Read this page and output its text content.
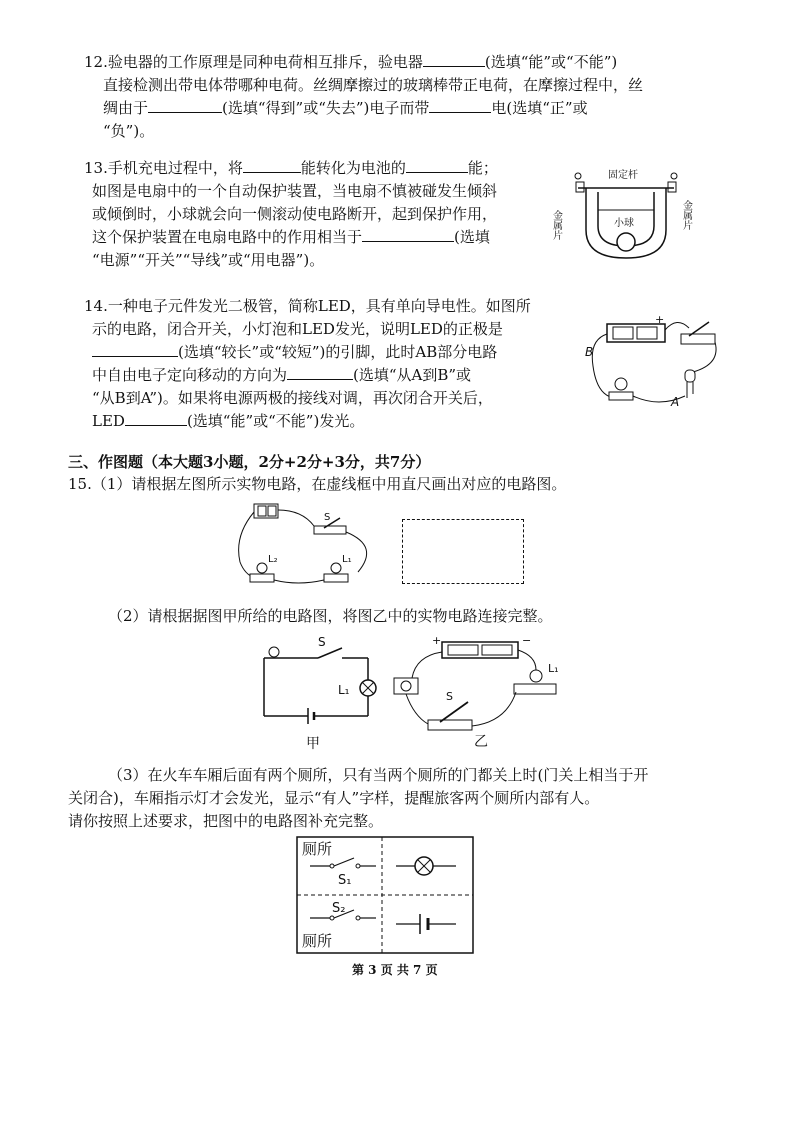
12.验电器的工作原理是同种电荷相互排斥，验电器	(选填“能”或“不能”)
直接检测出带电体带哪种电荷。丝绸摩擦过的玻璃棒带正电荷，在摩擦过程中，丝
绸由于	(选填“得到”或“失去”)电子而带	电(选填“正”或
“负”)。
13.手机充电过程中，将	能转化为电池的	能；
如图是电扇中的一个自动保护装置，当电扇不慎被碰发生倾斜
或倾倒时，小球就会向一侧滚动使电路断开，起到保护作用，
这个保护装置在电扇电路中的作用相当于	(选填
“电源”“开关”“导线”或“用电器”)。
固定杆
小球
金属片	金属片
14.一种电子元件发光二极管，简称LED，具有单向导电性。如图所
示的电路，闭合开关，小灯泡和LED发光，说明LED的正极是
(选填“较长”或“较短”)的引脚，此时AB部分电路
中自由电子定向移动的方向为	(选填“从A到B”或
“从B到A”)。如果将电源两极的接线对调，再次闭合开关后，
LED	(选填“能”或“不能”)发光。
+
B
A
三、作图题（本大题3小题，2分+2分+3分，共7分）
15.（1）请根据左图所示实物电路，在虚线框中用直尺画出对应的电路图。
S
L₂	L₁
（2）请根据据图甲所给的电路图，将图乙中的实物电路连接完整。
S
L₁
甲
+	−
S
L₁
乙
（3）在火车车厢后面有两个厕所，只有当两个厕所的门都关上时(门关上相当于开
关闭合)，车厢指示灯才会发光，显示“有人”字样，提醒旅客两个厕所内部有人。
请你按照上述要求，把图中的电路图补充完整。
厕所
S₁
S₂
厕所
第 3 页 共 7 页
